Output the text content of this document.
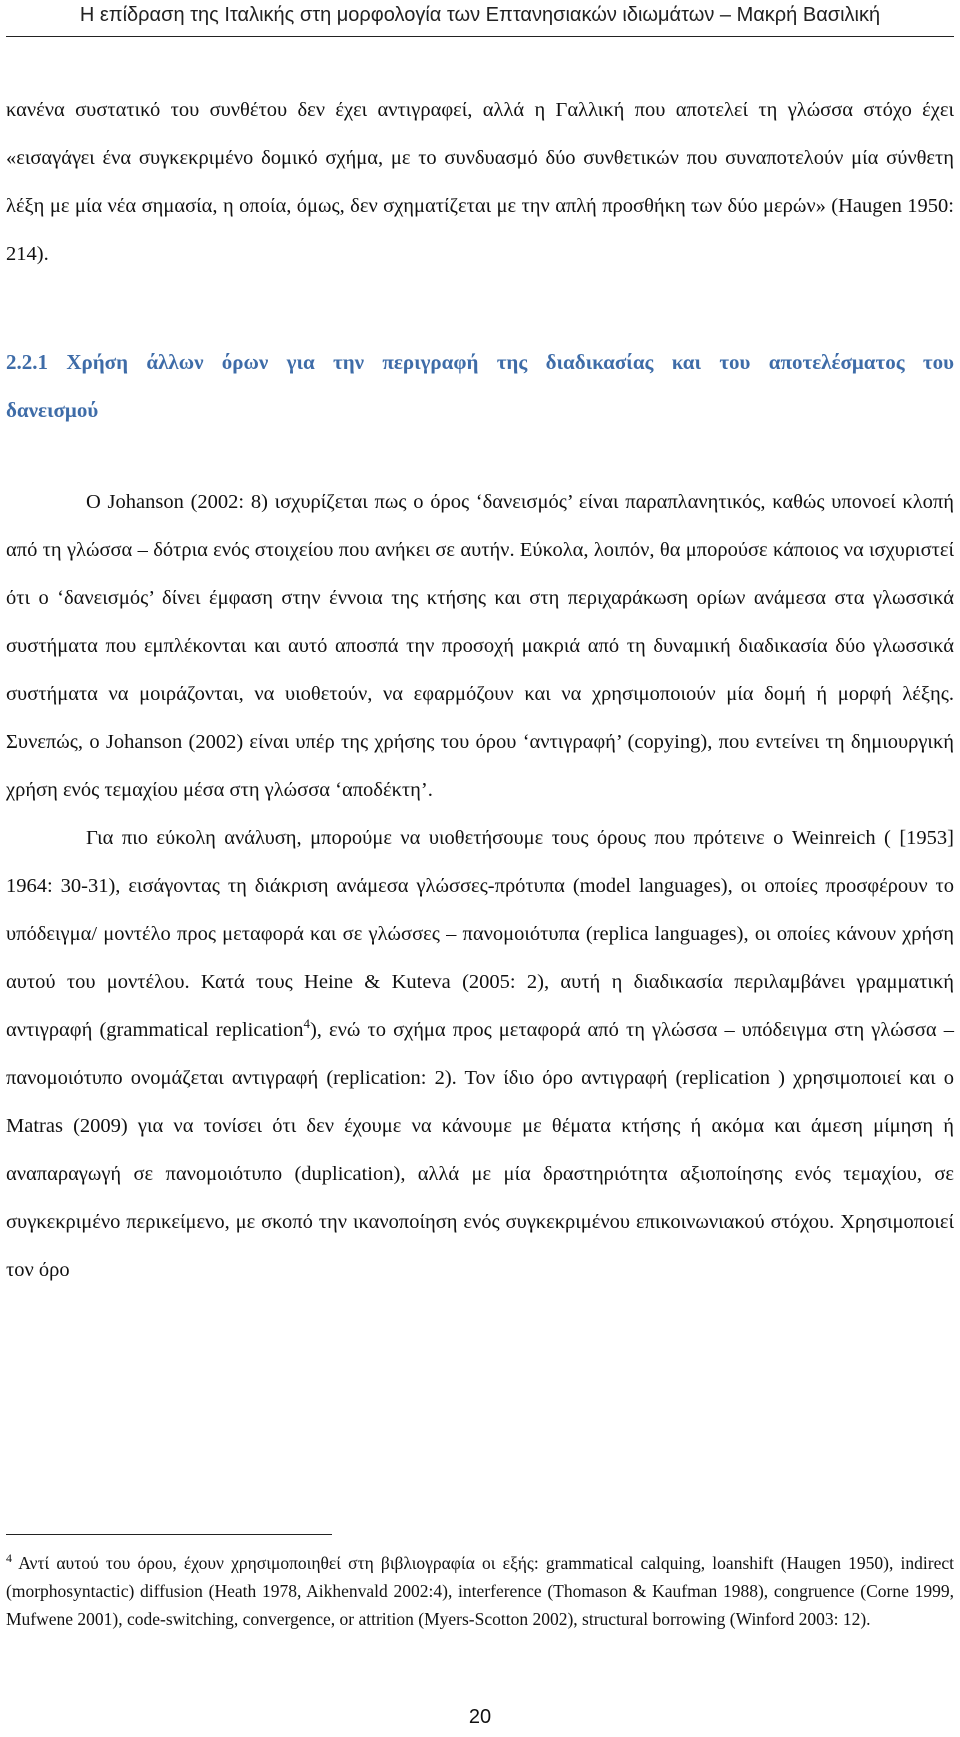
Η επίδραση της Ιταλικής στη μορφολογία των Επτανησιακών ιδιωμάτων – Μακρή Βασιλική

κανένα συστατικό του συνθέτου δεν έχει αντιγραφεί, αλλά η Γαλλική που αποτελεί τη γλώσσα στόχο έχει «εισαγάγει ένα συγκεκριμένο δομικό σχήμα, με το συνδυασμό δύο συνθετικών που συναποτελούν μία σύνθετη λέξη με μία νέα σημασία, η οποία, όμως, δεν σχηματίζεται με την απλή προσθήκη των δύο μερών» (Haugen 1950: 214).

2.2.1 Χρήση άλλων όρων για την περιγραφή της διαδικασίας και του αποτελέσματος του δανεισμού

Ο Johanson (2002: 8) ισχυρίζεται πως ο όρος ‘δανεισμός’ είναι παραπλανητικός, καθώς υπονοεί κλοπή από τη γλώσσα – δότρια ενός στοιχείου που ανήκει σε αυτήν. Εύκολα, λοιπόν, θα μπορούσε κάποιος να ισχυριστεί ότι ο ‘δανεισμός’ δίνει έμφαση στην έννοια της κτήσης και στη περιχαράκωση ορίων ανάμεσα στα γλωσσικά συστήματα που εμπλέκονται και αυτό αποσπά την προσοχή μακριά από τη δυναμική διαδικασία δύο γλωσσικά συστήματα να μοιράζονται, να υιοθετούν, να εφαρμόζουν και να χρησιμοποιούν μία δομή ή μορφή λέξης. Συνεπώς, ο Johanson (2002) είναι υπέρ της χρήσης του όρου ‘αντιγραφή’ (copying), που εντείνει τη δημιουργική χρήση ενός τεμαχίου μέσα στη γλώσσα ‘αποδέκτη’.

Για πιο εύκολη ανάλυση, μπορούμε να υιοθετήσουμε τους όρους που πρότεινε ο Weinreich ( [1953] 1964: 30-31), εισάγοντας τη διάκριση ανάμεσα γλώσσες-πρότυπα (model languages), οι οποίες προσφέρουν το υπόδειγμα/ μοντέλο προς μεταφορά και σε γλώσσες – πανομοιότυπα (replica languages), οι οποίες κάνουν χρήση αυτού του μοντέλου. Κατά τους Heine & Kuteva (2005: 2), αυτή η διαδικασία περιλαμβάνει γραμματική αντιγραφή (grammatical replication$^4$), ενώ το σχήμα προς μεταφορά από τη γλώσσα – υπόδειγμα στη γλώσσα – πανομοιότυπο ονομάζεται αντιγραφή (replication: 2). Τον ίδιο όρο αντιγραφή (replication ) χρησιμοποιεί και ο Matras (2009) για να τονίσει ότι δεν έχουμε να κάνουμε με θέματα κτήσης ή ακόμα και άμεση μίμηση ή αναπαραγωγή σε πανομοιότυπο (duplication), αλλά με μία δραστηριότητα αξιοποίησης ενός τεμαχίου, σε συγκεκριμένο περικείμενο, με σκοπό την ικανοποίηση ενός συγκεκριμένου επικοινωνιακού στόχου. Χρησιμοποιεί τον όρο

$^4$ Αντί αυτού του όρου, έχουν χρησιμοποιηθεί στη βιβλιογραφία οι εξής: grammatical calquing, loanshift (Haugen 1950), indirect (morphosyntactic) diffusion (Heath 1978, Aikhenvald 2002:4), interference (Thomason & Kaufman 1988), congruence (Corne 1999, Mufwene 2001), code-switching, convergence, or attrition (Myers-Scotton 2002), structural borrowing (Winford 2003: 12).
20
